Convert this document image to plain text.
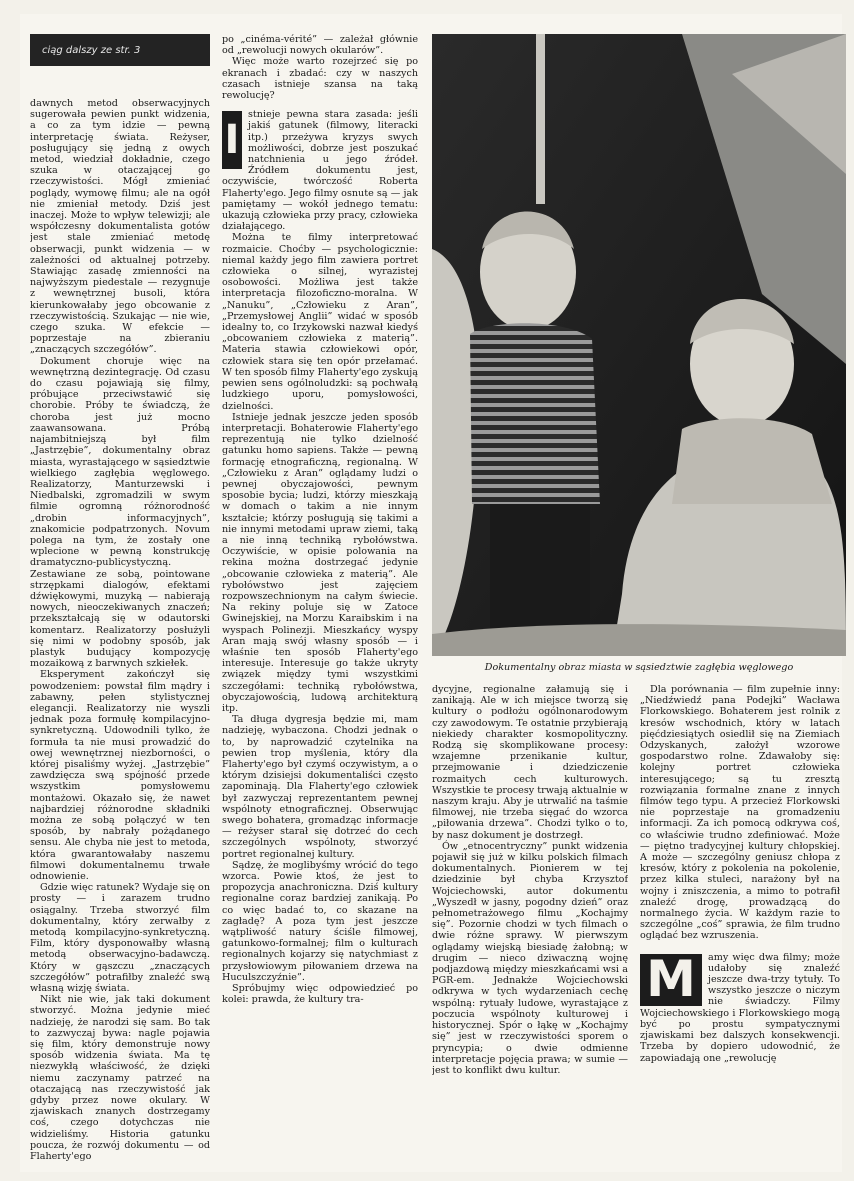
ciąg dalszy ze str. 3

dawnych metod obserwacyjnych sugerowała pewien punkt widzenia, a co za tym idzie — pewną interpretację świata. Reżyser, posługujący się jedną z owych metod, wiedział dokładnie, czego szuka w otaczającej go rzeczywistości. Mógł zmieniać poglądy, wymowę filmu; ale na ogół nie zmieniał metody. Dziś jest inaczej. Może to wpływ telewizji; ale współczesny dokumentalista gotów jest stale zmieniać metodę obserwacji, punkt widzenia — w zależności od aktualnej potrzeby. Stawiając zasadę zmienności na najwyższym piedestale — rezygnuje z wewnętrznej busoli, która kierunkowałaby jego obcowanie z rzeczywistością. Szukając — nie wie, czego szuka. W efekcie — poprzestaje na zbieraniu „znaczących szczegółów”.

Dokument choruje więc na wewnętrzną dezintegrację. Od czasu do czasu pojawiają się filmy, próbujące przeciwstawić się chorobie. Próby te świadczą, że choroba jest już mocno zaawansowana. Próbą najambitniejszą był film „Jastrzębie”, dokumentalny obraz miasta, wyrastającego w sąsiedztwie wielkiego zagłębia węglowego. Realizatorzy, Manturzewski i Niedbalski, zgromadzili w swym filmie ogromną różnorodność „drobin informacyjnych”, znakomicie podpatrzonych. Novum polega na tym, że zostały one wplecione w pewną konstrukcję dramatyczno-publicystyczną. Zestawiane ze sobą, pointowane strzępkami dialogów, efektami dźwiękowymi, muzyką — nabierają nowych, nieoczekiwanych znaczeń; przekształcają się w odautorski komentarz. Realizatorzy posłużyli się nimi w podobny sposób, jak plastyk budujący kompozycję mozaikową z barwnych szkiełek.

Eksperyment zakończył się powodzeniem: powstał film mądry i zabawny, pełen stylistycznej elegancji. Realizatorzy nie wyszli jednak poza formułę kompilacyjno-synkretyczną. Udowodnili tylko, że formuła ta nie musi prowadzić do owej wewnętrznej niezborności, o której pisaliśmy wyżej. „Jastrzębie” zawdzięcza swą spójność przede wszystkim pomysłowemu montażowi. Okazało się, że nawet najbardziej różnorodne składniki można ze sobą połączyć w ten sposób, by nabrały pożądanego sensu. Ale chyba nie jest to metoda, która gwarantowałaby naszemu filmowi dokumentalnemu trwałe odnowienie.

Gdzie więc ratunek? Wydaje się on prosty — i zarazem trudno osiągalny. Trzeba stworzyć film dokumentalny, który zerwałby z metodą kompilacyjno-synkretyczną. Film, który dysponowałby własną metodą obserwacyjno-badawczą. Który w gąszczu „znaczących szczegółów” potrafiłby znaleźć swą własną wizję świata.

Nikt nie wie, jak taki dokument stworzyć. Można jedynie mieć nadzieję, że narodzi się sam. Bo tak to zazwyczaj bywa: nagle pojawia się film, który demonstruje nowy sposób widzenia świata. Ma tę niezwykłą właściwość, że dzięki niemu zaczynamy patrzeć na otaczającą nas rzeczywistość jak gdyby przez nowe okulary. W zjawiskach znanych dostrzegamy coś, czego dotychczas nie widzieliśmy. Historia gatunku poucza, że rozwój dokumentu — od Flaherty'ego

po „cinéma-vérité” — zależał głównie od „rewolucji nowych okularów”.

Więc może warto rozejrzeć się po ekranach i zbadać: czy w naszych czasach istnieje szansa na taką rewolucję?

I
stnieje pewna stara zasada: jeśli jakiś gatunek (filmowy, literacki itp.) przeżywa kryzys swych możliwości, dobrze jest poszukać natchnienia u jego źródeł. Źródłem dokumentu jest, oczywiście, twórczość Roberta Flaherty'ego. Jego filmy osnute są — jak pamiętamy — wokół jednego tematu: ukazują człowieka przy pracy, człowieka działającego.

Można te filmy interpretować rozmaicie. Choćby — psychologicznie: niemal każdy jego film zawiera portret człowieka o silnej, wyrazistej osobowości. Możliwa jest także interpretacja filozoficzno-moralna. W „Nanuku”, „Człowieku z Aran”, „Przemysłowej Anglii” widać w sposób idealny to, co Irzykowski nazwał kiedyś „obcowaniem człowieka z materią”. Materia stawia człowiekowi opór, człowiek stara się ten opór przełamać. W ten sposób filmy Flaherty'ego zyskują pewien sens ogólnoludzki: są pochwałą ludzkiego uporu, pomysłowości, dzielności.

Istnieje jednak jeszcze jeden sposób interpretacji. Bohaterowie Flaherty'ego reprezentują nie tylko dzielność gatunku homo sapiens. Także — pewną formację etnograficzną, regionalną. W „Człowieku z Aran” oglądamy ludzi o pewnej obyczajowości, pewnym sposobie bycia; ludzi, którzy mieszkają w domach o takim a nie innym kształcie; którzy posługują się takimi a nie innymi metodami upraw ziemi, taką a nie inną techniką rybołówstwa. Oczywiście, w opisie polowania na rekina można dostrzegać jedynie „obcowanie człowieka z materią”. Ale rybołówstwo jest zajęciem rozpowszechnionym na całym świecie. Na rekiny poluje się w Zatoce Gwinejskiej, na Morzu Karaibskim i na wyspach Polinezji. Mieszkańcy wyspy Aran mają swój własny sposób — i właśnie ten sposób Flaherty'ego interesuje. Interesuje go także ukryty związek między tymi wszystkimi szczegółami: techniką rybołówstwa, obyczajowością, ludową architekturą itp.

Ta długa dygresja będzie mi, mam nadzieję, wybaczona. Chodzi jednak o to, by naprowadzić czytelnika na pewien trop myślenia, który dla Flaherty'ego był czymś oczywistym, a o którym dzisiejsi dokumentaliści często zapominają. Dla Flaherty'ego człowiek był zazwyczaj reprezentantem pewnej wspólnoty etnograficznej. Obserwując swego bohatera, gromadząc informacje — reżyser starał się dotrzeć do cech szczególnych wspólnoty, stworzyć portret regionalnej kultury.

Sądzę, że moglibyśmy wrócić do tego wzorca. Powie ktoś, że jest to propozycja anachroniczna. Dziś kultury regionalne coraz bardziej zanikają. Po co więc badać to, co skazane na zagładę? A poza tym jest jeszcze wątpliwość natury ściśle filmowej, gatunkowo-formalnej; film o kulturach regionalnych kojarzy się natychmiast z przysłowiowym piłowaniem drzewa na Huculszczyźnie”.

Spróbujmy więc odpowiedzieć po kolei: prawda, że kultury tra-

Dokumentalny obraz miasta w sąsiedztwie zagłębia węglowego

dycyjne, regionalne załamują się i zanikają. Ale w ich miejsce tworzą się kultury o podłożu ogólnonarodowym czy zawodowym. Te ostatnie przybierają niekiedy charakter kosmopolityczny. Rodzą się skomplikowane procesy: wzajemne przenikanie kultur, przejmowanie i dziedziczenie rozmaitych cech kulturowych. Wszystkie te procesy trwają aktualnie w naszym kraju. Aby je utrwalić na taśmie filmowej, nie trzeba sięgać do wzorca „piłowania drzewa”. Chodzi tylko o to, by nasz dokument je dostrzegł.

Ów „etnocentryczny” punkt widzenia pojawił się już w kilku polskich filmach dokumentalnych. Pionierem w tej dziedzinie był chyba Krzysztof Wojciechowski, autor dokumentu „Wyszedł w jasny, pogodny dzień” oraz pełnometrażowego filmu „Kochajmy się”. Pozornie chodzi w tych filmach o dwie różne sprawy. W pierwszym oglądamy wiejską biesiadę żałobną; w drugim — nieco dziwaczną wojnę podjazdową między mieszkańcami wsi a PGR-em. Jednakże Wojciechowski odkrywa w tych wydarzeniach cechę wspólną: rytuały ludowe, wyrastające z poczucia wspólnoty kulturowej i historycznej. Spór o łąkę w „Kochajmy się” jest w rzeczywistości sporem o pryncypia; o dwie odmienne interpretacje pojęcia prawa; w sumie — jest to konflikt dwu kultur.

Dla porównania — film zupełnie inny: „Niedźwiedź pana Podejki” Wacława Florkowskiego. Bohaterem jest rolnik z kresów wschodnich, który w latach pięćdziesiątych osiedlił się na Ziemiach Odzyskanych, założył wzorowe gospodarstwo rolne. Zdawałoby się: kolejny portret człowieka interesującego; są tu zresztą rozwiązania formalne znane z innych filmów tego typu. A przecież Florkowski nie poprzestaje na gromadzeniu informacji. Za ich pomocą odkrywa coś, co właściwie trudno zdefiniować. Może — piętno tradycyjnej kultury chłopskiej. A może — szczególny geniusz chłopa z kresów, który z pokolenia na pokolenie, przez kilka stuleci, narażony był na wojny i zniszczenia, a mimo to potrafił znaleźć drogę, prowadzącą do normalnego życia. W każdym razie to szczególne „coś” sprawia, że film trudno oglądać bez wzruszenia.

M	amy więc dwa filmy; może udałoby się znaleźć jeszcze dwa-trzy tytuły. To wszystko jeszcze o niczym nie świadczy. Filmy Wojciechowskiego i Florkowskiego mogą być po prostu sympatycznymi zjawiskami bez dalszych konsekwencji. Trzeba by dopiero udowodnić, że zapowiadają one „rewolucję
